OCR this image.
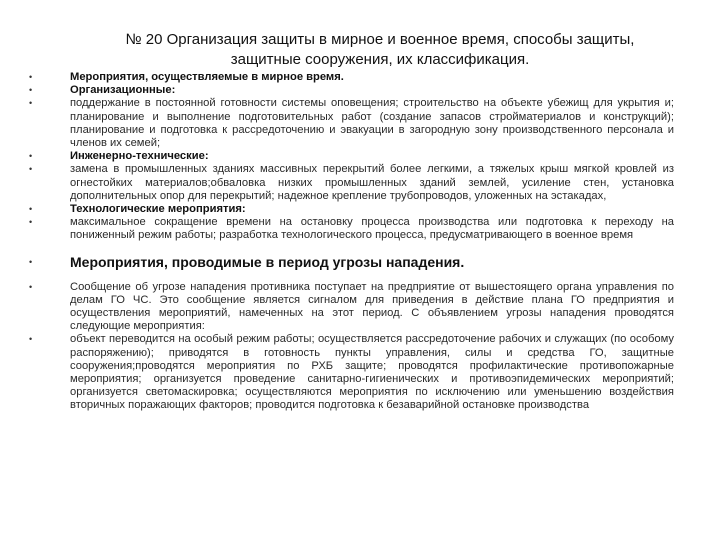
№ 20 Организация защиты в мирное и военное время, способы защиты,
защитные сооружения, их классификация.
•	Мероприятия, осуществляемые в мирное время.
•	Организационные:
•	поддержание в постоянной готовности системы оповещения; строительство на объекте убежищ для укрытия и; планирование и выполнение подготовительных работ (создание запасов стройматериалов и конструкций); планирование и подготовка к рассредоточению и эвакуации в загородную зону производственного персонала и членов их семей;
•	Инженерно-технические:
•	замена в промышленных зданиях массивных перекрытий более легкими, а тяжелых крыш мягкой кровлей из огнестойких материалов;обваловка низких промышленных зданий землей, усиление стен, установка дополнительных опор для перекрытий; надежное крепление трубопроводов, уложенных на эстакадах,
•	Технологические мероприятия:
•	максимальное сокращение времени на остановку процесса производства или подготовка к переходу на пониженный режим работы; разработка технологического процесса, предусматривающего в военное время
•	Мероприятия, проводимые в период угрозы нападения.
•	Сообщение об угрозе нападения противника поступает на предприятие от вышестоящего органа управления по делам ГО ЧС. Это сообщение является сигналом для приведения в действие плана ГО предприятия и осуществления мероприятий, намеченных на этот период. С объявлением угрозы нападения проводятся следующие мероприятия:
•	объект переводится на особый режим работы; осуществляется рассредоточение рабочих и служащих (по особому распоряжению); приводятся в готовность пункты управления, силы и средства ГО, защитные сооружения;проводятся мероприятия по РХБ защите; проводятся профилактические противопожарные мероприятия; организуется проведение санитарно-гигиенических и противоэпидемических мероприятий; организуется светомаскировка; осуществляются мероприятия по исключению или уменьшению воздействия вторичных поражающих факторов; проводится подготовка к безаварийной остановке производства
